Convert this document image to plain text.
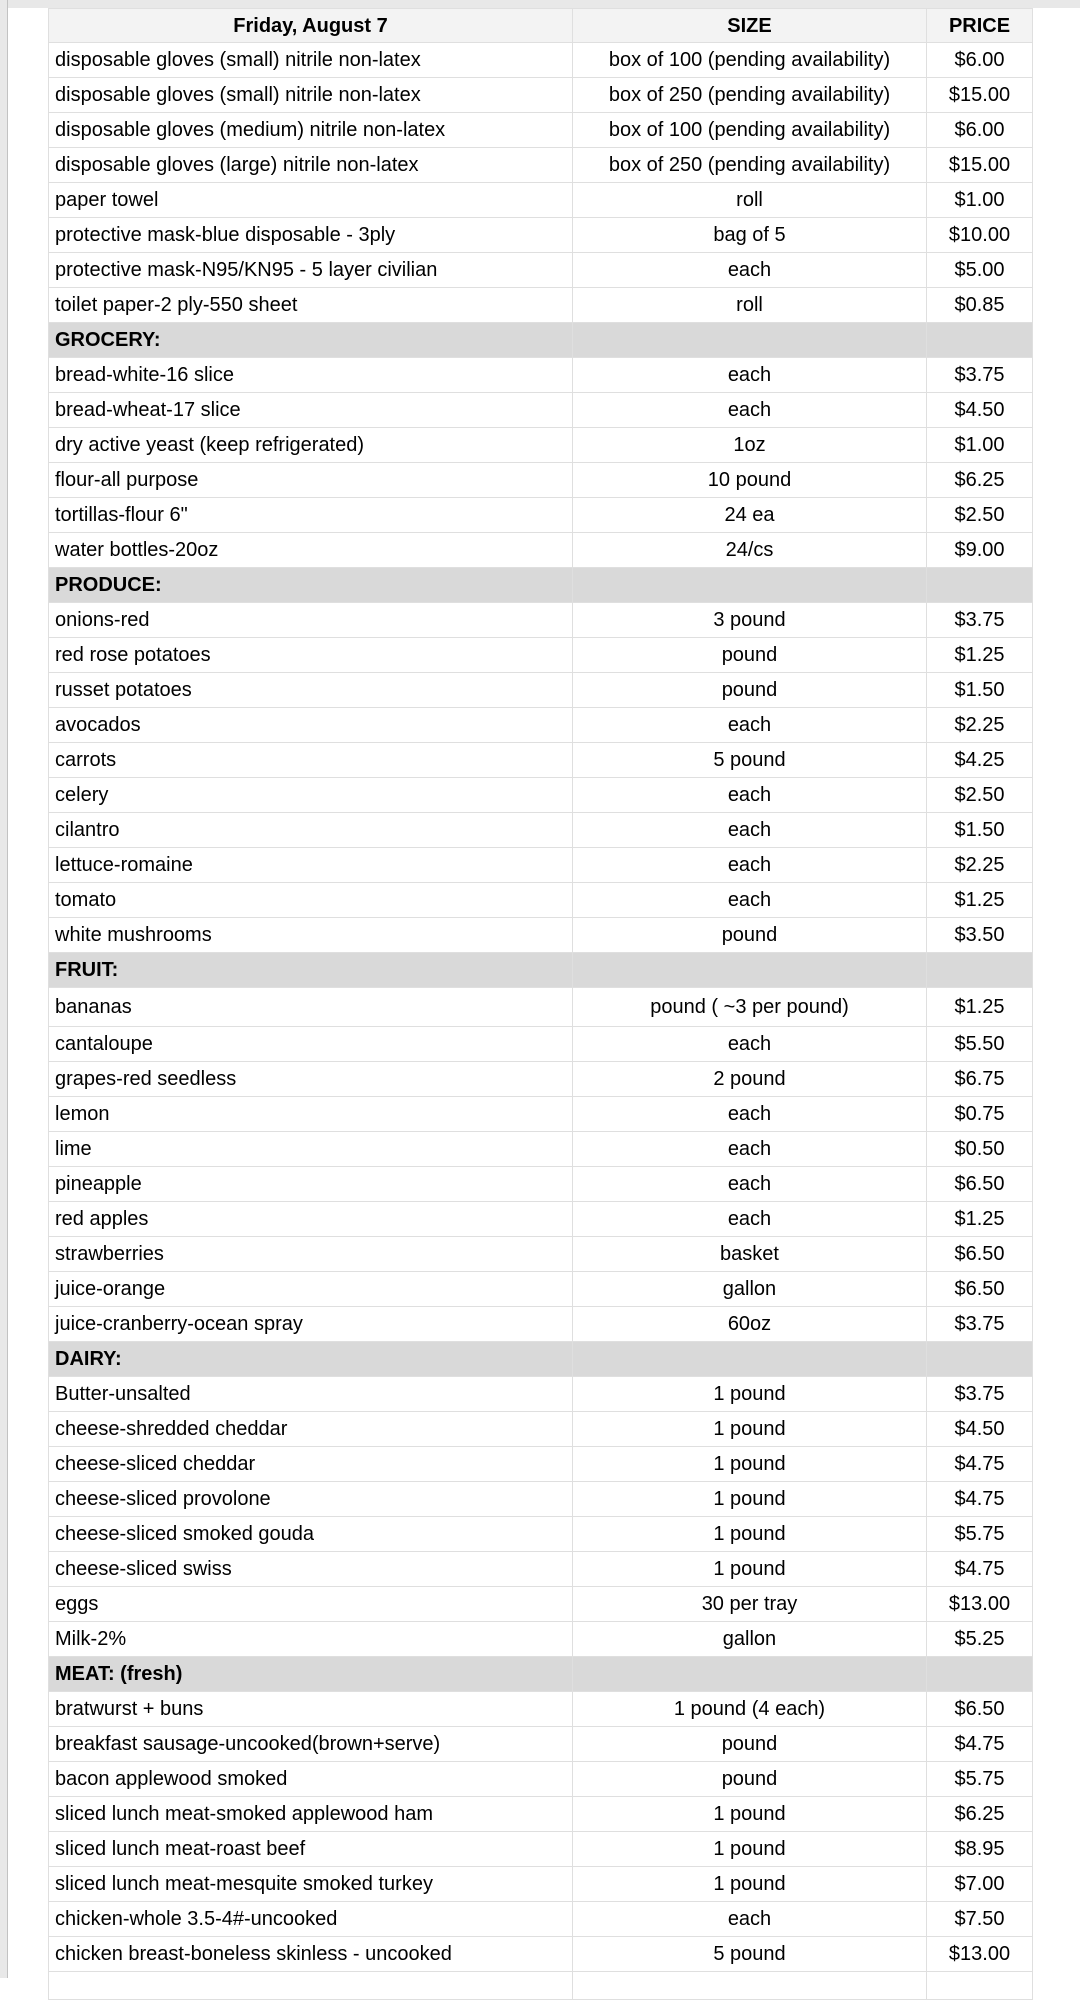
Friday, August 7	SIZE	PRICE
disposable gloves (small) nitrile non-latex	box of 100 (pending availability)	$6.00
disposable gloves (small) nitrile non-latex	box of 250 (pending availability)	$15.00
disposable gloves (medium) nitrile non-latex	box of 100 (pending availability)	$6.00
disposable gloves (large) nitrile non-latex	box of 250 (pending availability)	$15.00
paper towel	roll	$1.00
protective mask-blue disposable - 3ply	bag of 5	$10.00
protective mask-N95/KN95 - 5 layer civilian	each	$5.00
toilet paper-2 ply-550 sheet	roll	$0.85
GROCERY:		
bread-white-16 slice	each	$3.75
bread-wheat-17 slice	each	$4.50
dry active yeast (keep refrigerated)	1oz	$1.00
flour-all purpose	10 pound	$6.25
tortillas-flour 6"	24 ea	$2.50
water bottles-20oz	24/cs	$9.00
PRODUCE:		
onions-red	3 pound	$3.75
red rose potatoes	pound	$1.25
russet potatoes	pound	$1.50
avocados	each	$2.25
carrots	5 pound	$4.25
celery	each	$2.50
cilantro	each	$1.50
lettuce-romaine	each	$2.25
tomato	each	$1.25
white mushrooms	pound	$3.50
FRUIT:		
bananas	pound ( ~3 per pound)	$1.25
cantaloupe	each	$5.50
grapes-red seedless	2 pound	$6.75
lemon	each	$0.75
lime	each	$0.50
pineapple	each	$6.50
red apples	each	$1.25
strawberries	basket	$6.50
juice-orange	gallon	$6.50
juice-cranberry-ocean spray	60oz	$3.75
DAIRY:		
Butter-unsalted	1 pound	$3.75
cheese-shredded cheddar	1 pound	$4.50
cheese-sliced cheddar	1 pound	$4.75
cheese-sliced provolone	1 pound	$4.75
cheese-sliced smoked gouda	1 pound	$5.75
cheese-sliced swiss	1 pound	$4.75
eggs	30 per tray	$13.00
Milk-2%	gallon	$5.25
MEAT: (fresh)		
bratwurst + buns	1 pound (4 each)	$6.50
breakfast sausage-uncooked(brown+serve)	pound	$4.75
bacon applewood smoked	pound	$5.75
sliced lunch meat-smoked applewood ham	1 pound	$6.25
sliced lunch meat-roast beef	1 pound	$8.95
sliced lunch meat-mesquite smoked turkey	1 pound	$7.00
chicken-whole 3.5-4#-uncooked	each	$7.50
chicken breast-boneless skinless - uncooked	5 pound	$13.00
